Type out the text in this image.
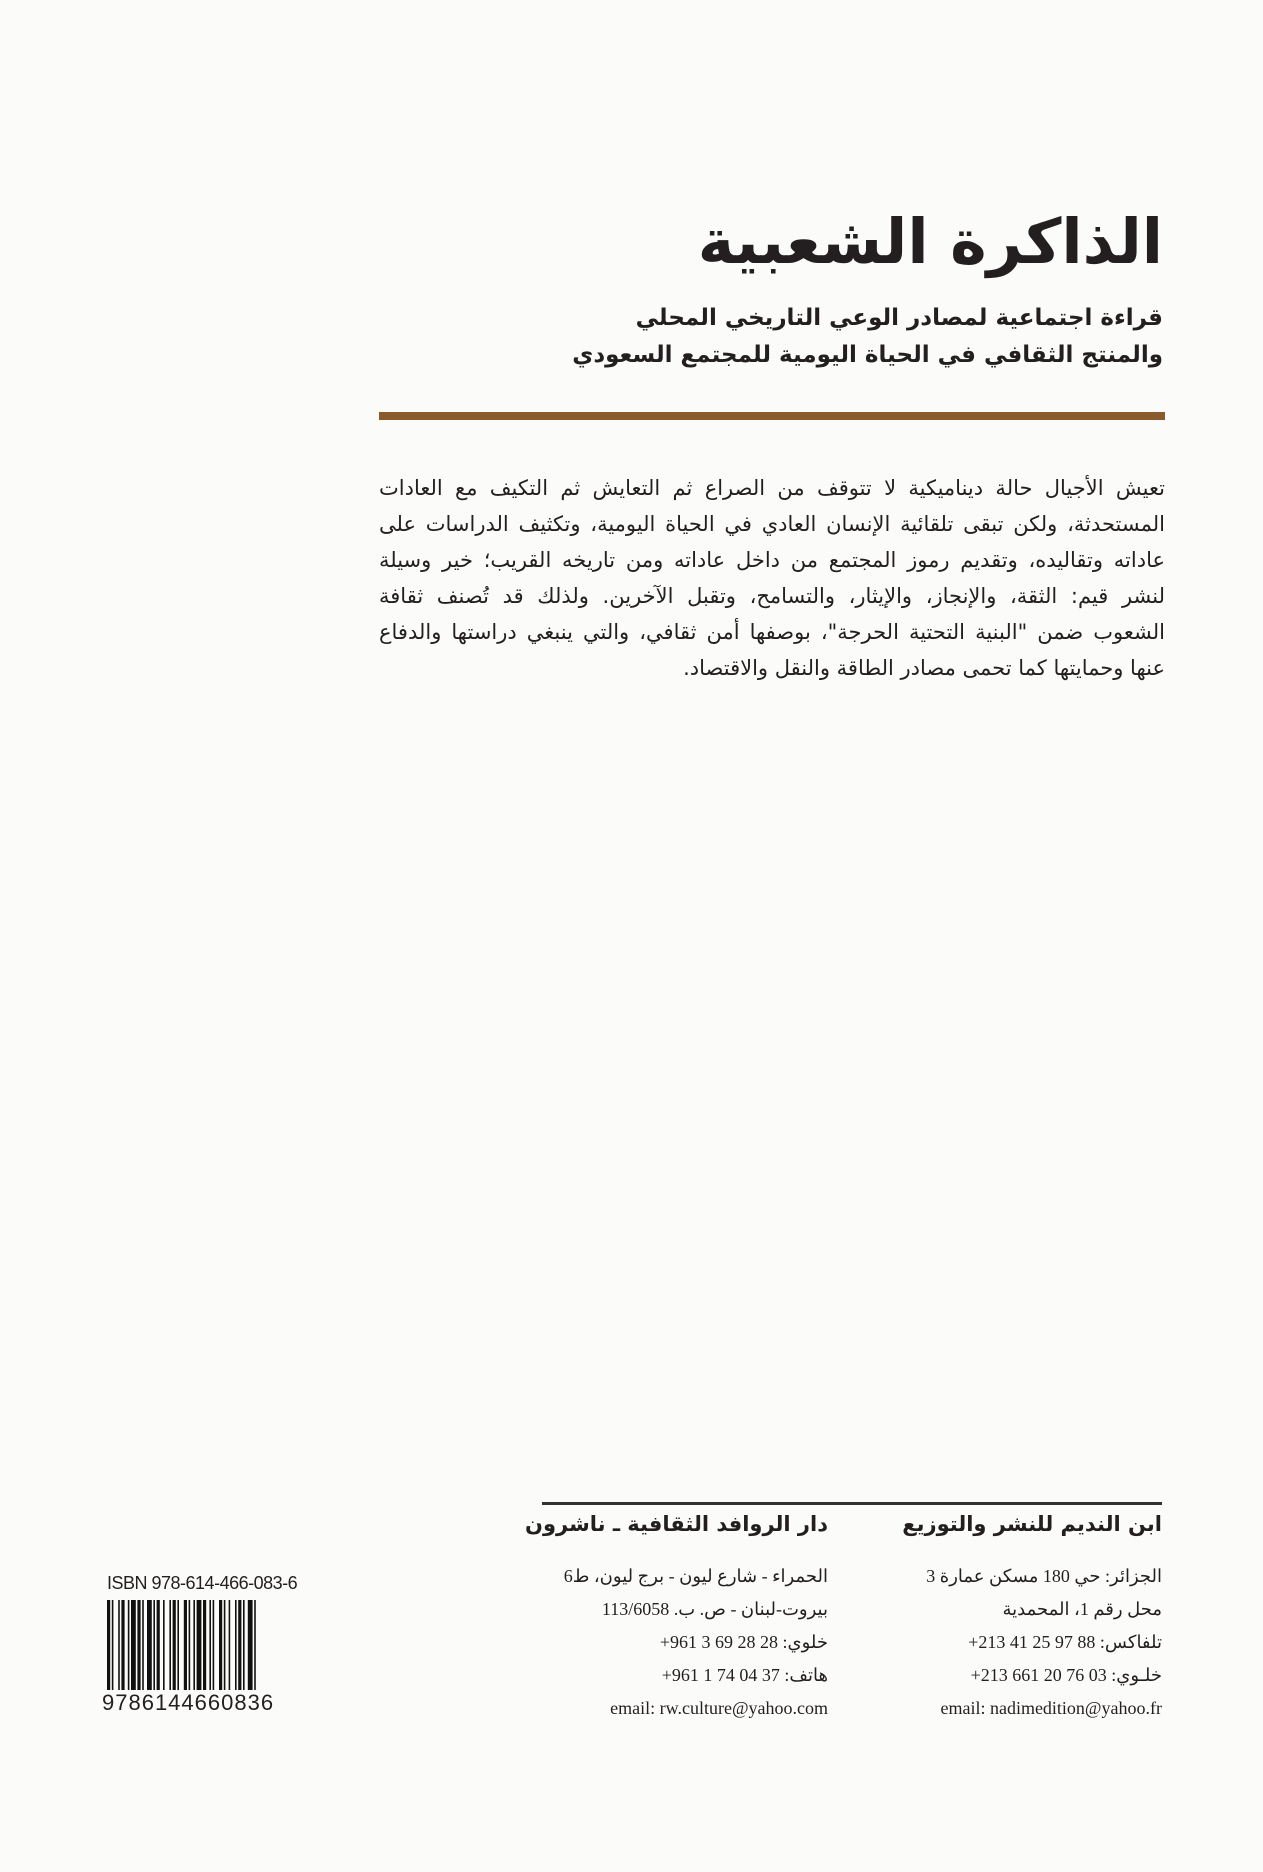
الذاكرة الشعبية
قراءة اجتماعية لمصادر الوعي التاريخي المحلي
والمنتج الثقافي في الحياة اليومية للمجتمع السعودي
تعيش الأجيال حالة ديناميكية لا تتوقف من الصراع ثم التعايش ثم التكيف مع العادات المستحدثة، ولكن تبقى تلقائية الإنسان العادي في الحياة اليومية، وتكثيف الدراسات على عاداته وتقاليده، وتقديم رموز المجتمع من داخل عاداته ومن تاريخه القريب؛ خير وسيلة لنشر قيم: الثقة، والإنجاز، والإيثار، والتسامح، وتقبل الآخرين. ولذلك قد تُصنف ثقافة الشعوب ضمن "البنية التحتية الحرجة"، بوصفها أمن ثقافي، والتي ينبغي دراستها والدفاع عنها وحمايتها كما تحمى مصادر الطاقة والنقل والاقتصاد.
ابن النديم للنشر والتوزيع
دار الروافد الثقافية ـ ناشرون
الجزائر: حي 180 مسكن عمارة 3
محل رقم 1، المحمدية
تلفاكس: +213 41 25 97 88
خلـوي: +213 661 20 76 03
email: nadimedition@yahoo.fr
الحمراء - شارع ليون - برج ليون، ط6
بيروت-لبنان - ص. ب. 113/6058
خلوي: +961 3 69 28 28
هاتف: +961 1 74 04 37
email: rw.culture@yahoo.com
ISBN 978-614-466-083-6
9786144660836
